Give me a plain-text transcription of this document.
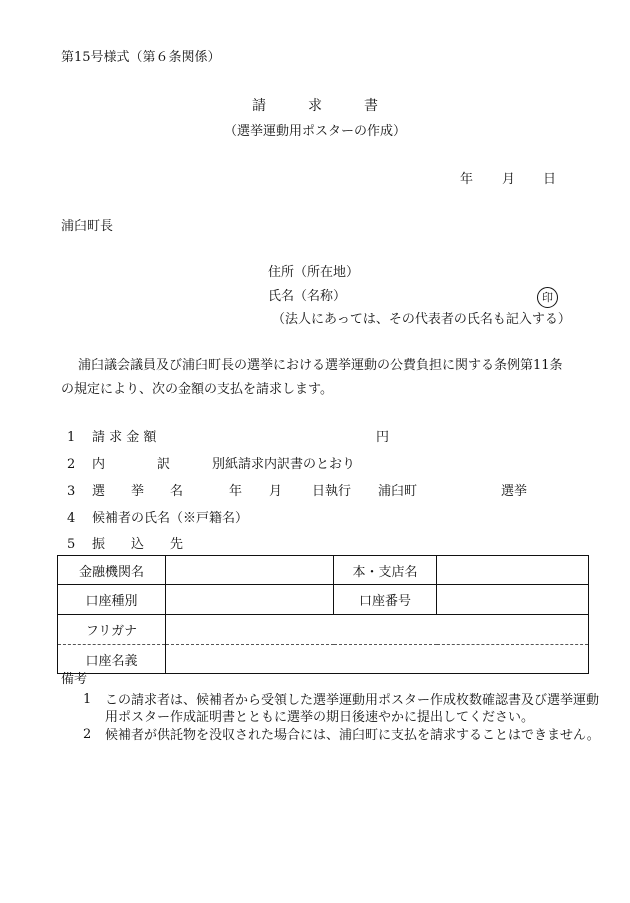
第15号様式（第６条関係）
請　　　求　　　書
（選挙運動用ポスターの作成）
年 月 日
浦臼町長
住所（所在地）
氏名（名称）	印
（法人にあっては、その代表者の氏名も記入する）
浦臼議会議員及び浦臼町長の選挙における選挙運動の公費負担に関する条例第11条
の規定により、次の金額の支払を請求します。
1 請 求 金 額	円
2 内　　　　訳	別紙請求内訳書のとおり
3 選　　挙　　名	年 月 日執行 浦臼町	選挙
4 候補者の氏名（※戸籍名）
5 振　　込　　先
金融機関名		本・支店名	
口座種別		口座番号	
フリガナ			
口座名義			
備考
1 この請求者は、候補者から受領した選挙運動用ポスター作成枚数確認書及び選挙運動用ポスター作成証明書とともに選挙の期日後速やかに提出してください。
2 候補者が供託物を没収された場合には、浦臼町に支払を請求することはできません。
